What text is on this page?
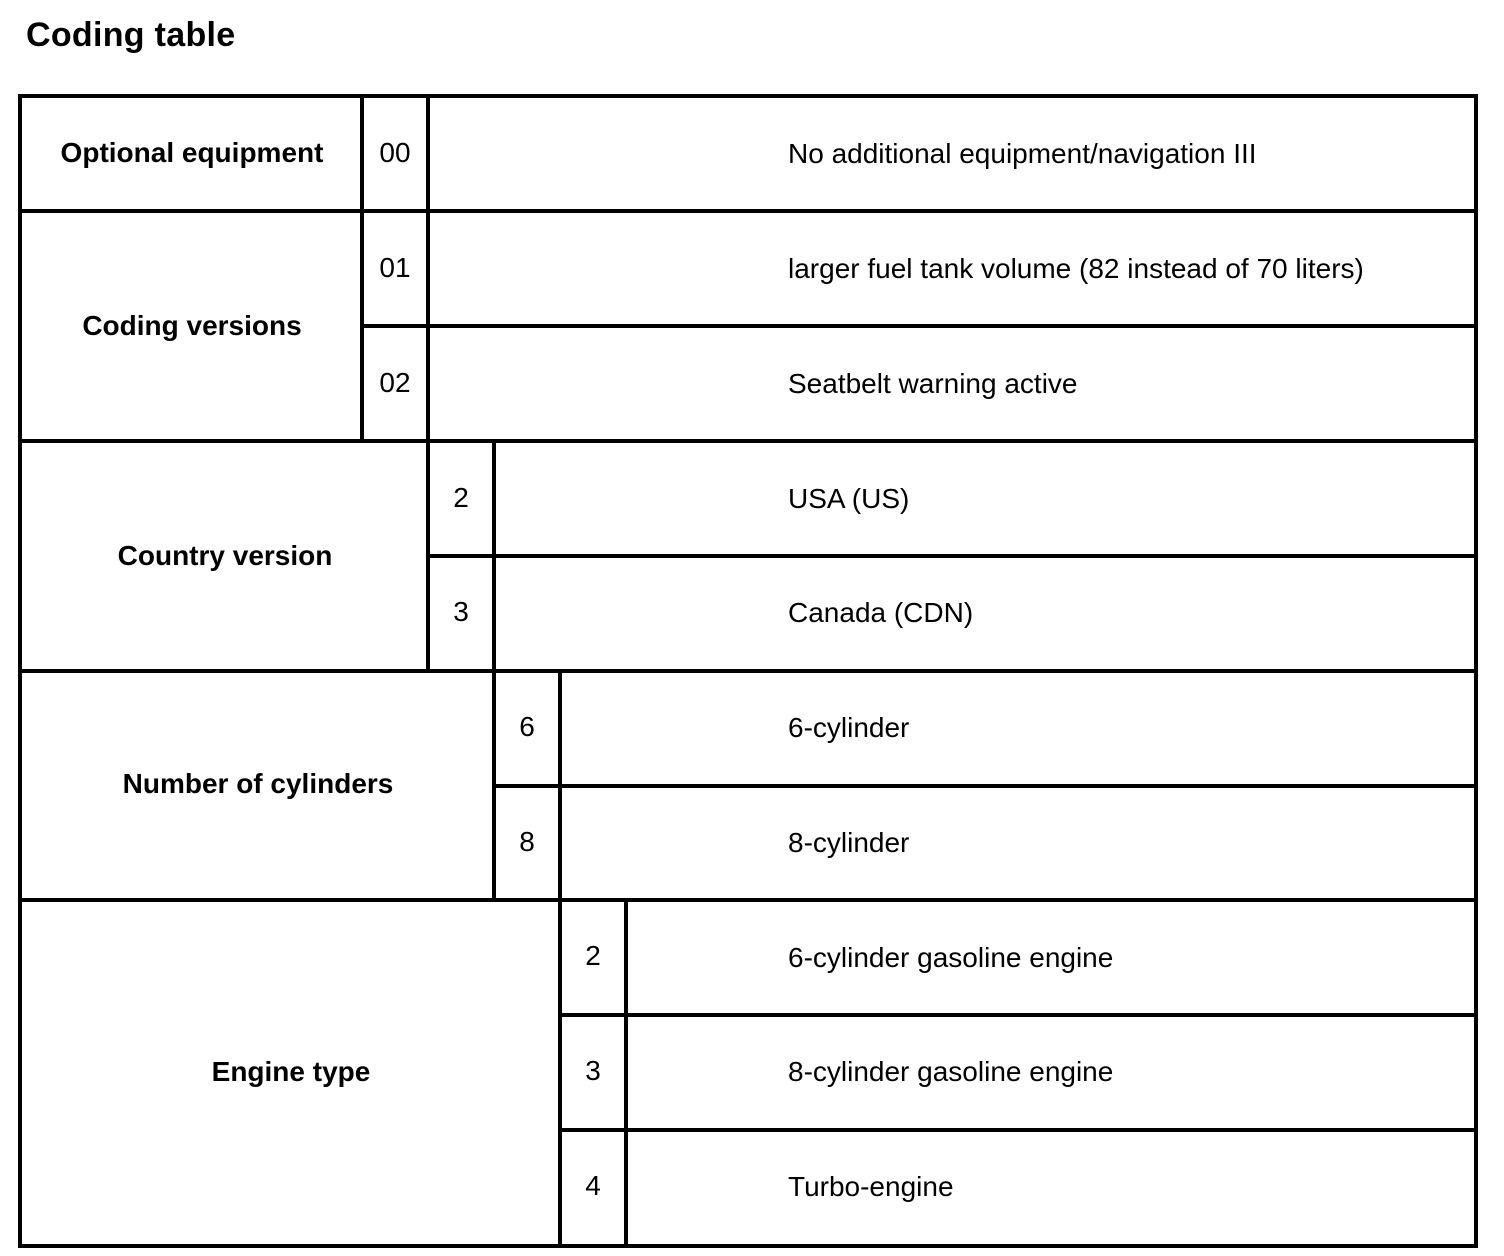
Coding table
Optional equipment 00	No additional equipment/navigation III
Coding versions
01	larger fuel tank volume (82 instead of 70 liters)
02	Seatbelt warning active
Country version
2	USA (US)
3	Canada (CDN)
Number of cylinders
6	6-cylinder
8	8-cylinder
Engine type
2	6-cylinder gasoline engine
3	8-cylinder gasoline engine
4	Turbo-engine
